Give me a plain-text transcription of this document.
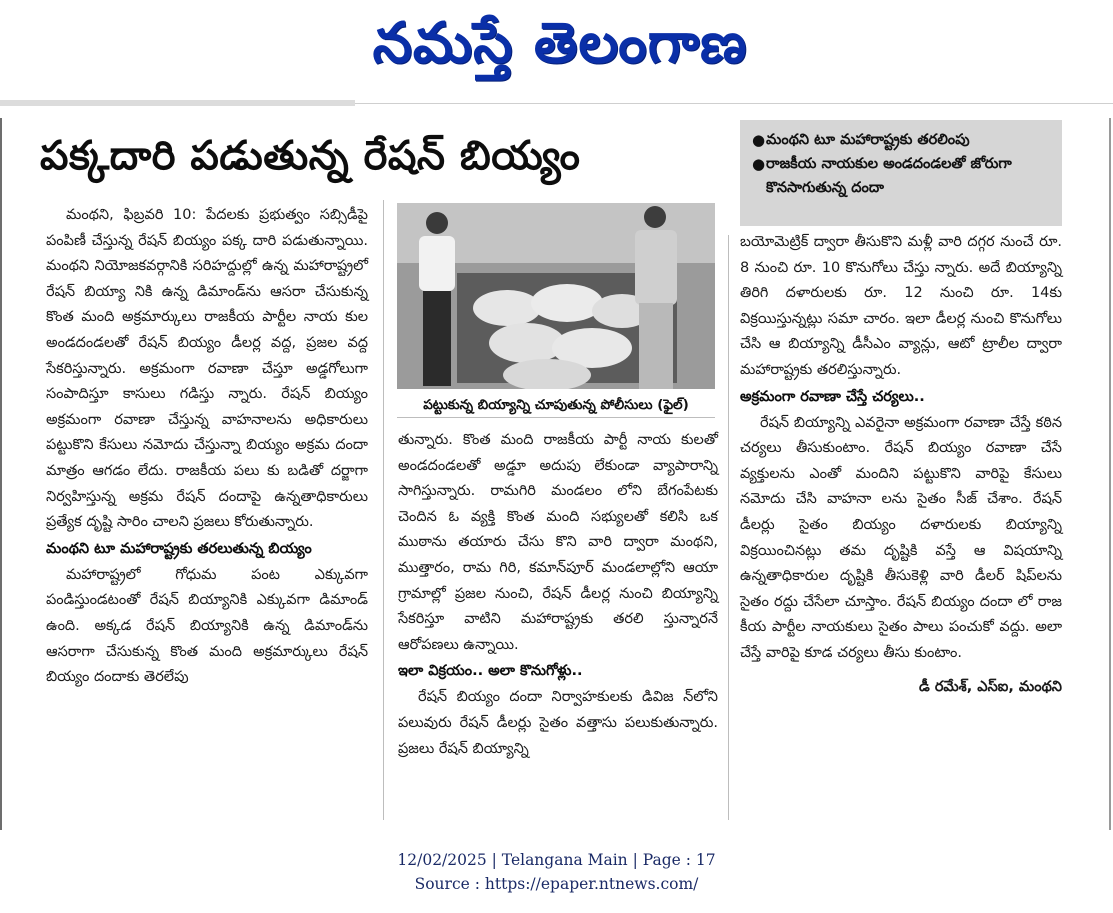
నమస్తే తెలంగాణ
పక్కదారి పడుతున్న రేషన్ బియ్యం	● మంథని టూ మహారాష్ట్రకు తరలింపు
● రాజకీయ నాయకుల అండదండలతో జోరుగా కొనసాగుతున్న దందా
మంథని, ఫిబ్రవరి 10: పేదలకు ప్రభుత్వం సబ్సిడీపై పంపిణీ చేస్తున్న రేషన్ బియ్యం పక్క దారి పడుతున్నాయి. మంథని నియోజకవర్గానికి సరిహద్దుల్లో ఉన్న మహారాష్ట్రలో రేషన్ బియ్యా నికి ఉన్న డిమాండ్‌ను ఆసరా చేసుకున్న కొంత మంది అక్రమార్కులు రాజకీయ పార్టీల నాయ కుల అండదండలతో రేషన్ బియ్యం డీలర్ల వద్ద, ప్రజల వద్ద సేకరిస్తున్నారు. అక్రమంగా రవాణా చేస్తూ అడ్డగోలుగా సంపాదిస్తూ కాసులు గడిస్తు న్నారు. రేషన్ బియ్యం అక్రమంగా రవాణా చేస్తున్న వాహనాలను అధికారులు పట్టుకొని కేసులు నమోదు చేస్తున్నా బియ్యం అక్రమ దందా మాత్రం ఆగడం లేదు. రాజకీయ పలు కు బడితో దర్జాగా నిర్వహిస్తున్న అక్రమ రేషన్ దందాపై ఉన్నతాధికారులు ప్రత్యేక దృష్టి సారిం చాలని ప్రజలు కోరుతున్నారు.
మంథని టూ మహారాష్ట్రకు తరలుతున్న బియ్యం
మహారాష్ట్రలో గోధుమ పంట ఎక్కువగా పండిస్తుండటంతో రేషన్ బియ్యానికి ఎక్కువగా డిమాండ్ ఉంది. అక్కడ రేషన్ బియ్యానికి ఉన్న డిమాండ్‌ను ఆసరాగా చేసుకున్న కొంత మంది అక్రమార్కులు రేషన్ బియ్యం దందాకు తెరలేపు
పట్టుకున్న బియ్యాన్ని చూపుతున్న పోలీసులు (ఫైల్)
తున్నారు. కొంత మంది రాజకీయ పార్టీ నాయ కులతో అండదండలతో అడ్డూ అదుపు లేకుండా వ్యాపారాన్ని సాగిస్తున్నారు. రామగిరి మండలం లోని బేగంపేటకు చెందిన ఓ వ్యక్తి కొంత మంది సభ్యులతో కలిసి ఒక ముఠాను తయారు చేసు కొని వారి ద్వారా మంథని, ముత్తారం, రామ గిరి, కమాన్‌పూర్ మండలాల్లోని ఆయా గ్రామాల్లో ప్రజల నుంచి, రేషన్ డీలర్ల నుంచి బియ్యాన్ని సేకరిస్తూ వాటిని మహారాష్ట్రకు తరలి స్తున్నారనే ఆరోపణలు ఉన్నాయి.
ఇలా విక్రయం.. అలా కొనుగోళ్లు..
రేషన్ బియ్యం దందా నిర్వాహకులకు డివిజ న్‌లోని పలువురు రేషన్ డీలర్లు సైతం వత్తాసు పలుకుతున్నారు. ప్రజలు రేషన్ బియ్యాన్ని
బయోమెట్రిక్ ద్వారా తీసుకొని మళ్లీ వారి దగ్గర నుంచే రూ. 8 నుంచి రూ. 10 కొనుగోలు చేస్తు న్నారు. అదే బియ్యాన్ని తిరిగి దళారులకు రూ. 12 నుంచి రూ. 14కు విక్రయిస్తున్నట్లు సమా చారం. ఇలా డీలర్ల నుంచి కొనుగోలు చేసి ఆ బియ్యాన్ని డీసీఎం వ్యాన్లు, ఆటో ట్రాలీల ద్వారా మహారాష్ట్రకు తరలిస్తున్నారు.
అక్రమంగా రవాణా చేస్తే చర్యలు..
రేషన్ బియ్యాన్ని ఎవరైనా అక్రమంగా రవాణా చేస్తే కఠిన చర్యలు తీసుకుంటాం. రేషన్ బియ్యం రవాణా చేసే వ్యక్తులను ఎంతో మందిని పట్టుకొని వారిపై కేసులు నమోదు చేసి వాహనా లను సైతం సీజ్ చేశాం. రేషన్ డీలర్లు సైతం బియ్యం దళారులకు బియ్యాన్ని విక్రయించినట్లు తమ దృష్టికి వస్తే ఆ విషయాన్ని ఉన్నతాధికారుల దృష్టికి తీసుకెళ్లి వారి డీలర్ షిప్‌లను సైతం రద్దు చేసేలా చూస్తాం. రేషన్ బియ్యం దందా లో రాజ కీయ పార్టీల నాయకులు సైతం పాలు పంచుకో వద్దు. అలా చేస్తే వారిపై కూడ చర్యలు తీసు కుంటాం.
డీ రమేశ్, ఎస్ఐ, మంథని
12/02/2025 | Telangana Main | Page : 17
Source : https://epaper.ntnews.com/
